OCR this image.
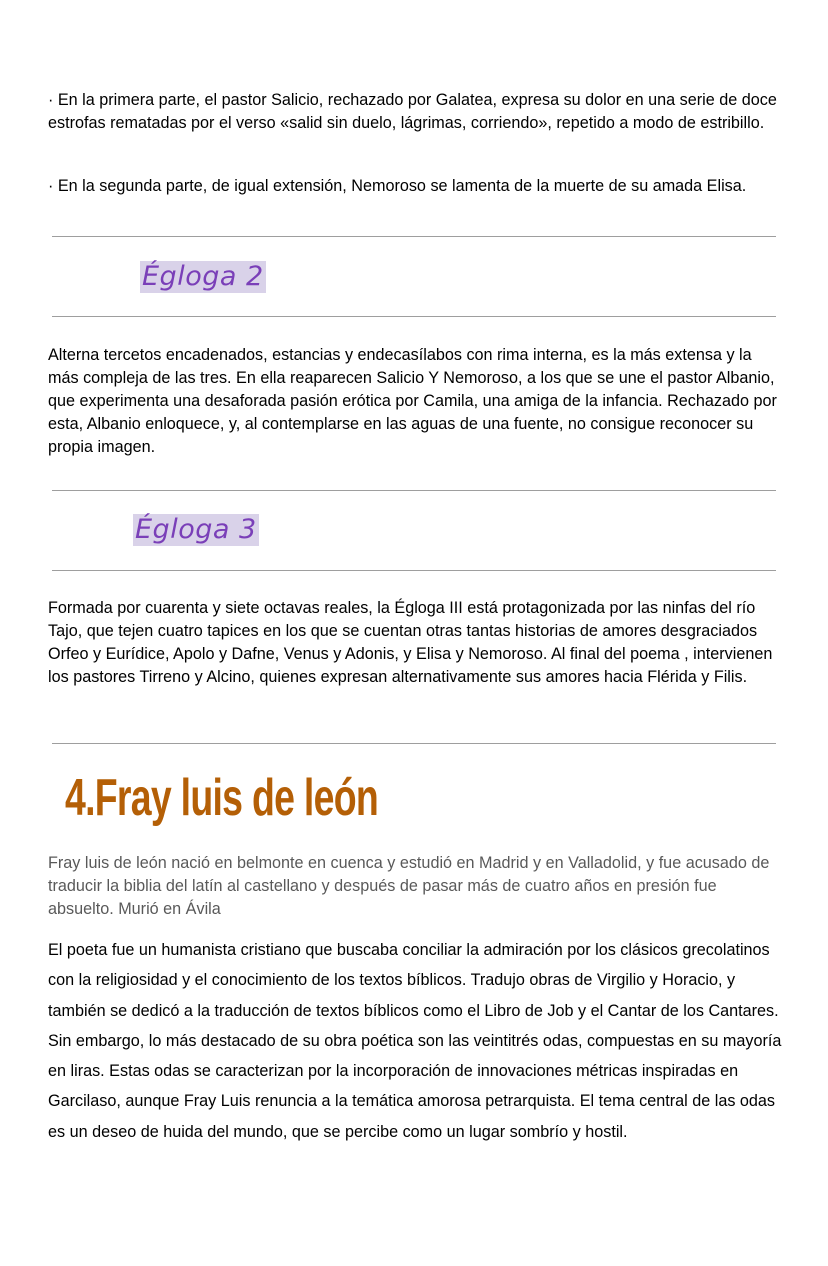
· En la primera parte, el pastor Salicio, rechazado por Galatea, expresa su dolor en una serie de doce estrofas rematadas por el verso «salid sin duelo, lágrimas, corriendo», repetido a modo de estribillo.

· En la segunda parte, de igual extensión, Nemoroso se lamenta de la muerte de su amada Elisa.

Égloga 2

Alterna tercetos encadenados, estancias y endecasílabos con rima interna, es la más extensa y la más compleja de las tres. En ella reaparecen Salicio Y Nemoroso, a los que se une el pastor Albanio, que experimenta una desaforada pasión erótica por Camila, una amiga de la infancia. Rechazado por esta, Albanio enloquece, y, al contemplarse en las aguas de una fuente, no consigue reconocer su propia imagen.

Égloga 3

Formada por cuarenta y siete octavas reales, la Égloga III está protagonizada por las ninfas del río Tajo, que tejen cuatro tapices en los que se cuentan otras tantas historias de amores desgraciados Orfeo y Eurídice, Apolo y Dafne, Venus y Adonis, y Elisa y Nemoroso. Al final del poema , intervienen los pastores Tirreno y Alcino, quienes expresan alternativamente sus amores hacia Flérida y Filis.

4.Fray luis de león

Fray luis de león nació en belmonte en cuenca y estudió en Madrid y en Valladolid, y fue acusado de traducir la biblia del latín al castellano y después de pasar más de cuatro años en presión fue absuelto. Murió en Ávila

El poeta fue un humanista cristiano que buscaba conciliar la admiración por los clásicos grecolatinos con la religiosidad y el conocimiento de los textos bíblicos. Tradujo obras de Virgilio y Horacio, y también se dedicó a la traducción de textos bíblicos como el Libro de Job y el Cantar de los Cantares. Sin embargo, lo más destacado de su obra poética son las veintitrés odas, compuestas en su mayoría en liras. Estas odas se caracterizan por la incorporación de innovaciones métricas inspiradas en Garcilaso, aunque Fray Luis renuncia a la temática amorosa petrarquista. El tema central de las odas es un deseo de huida del mundo, que se percibe como un lugar sombrío y hostil.
